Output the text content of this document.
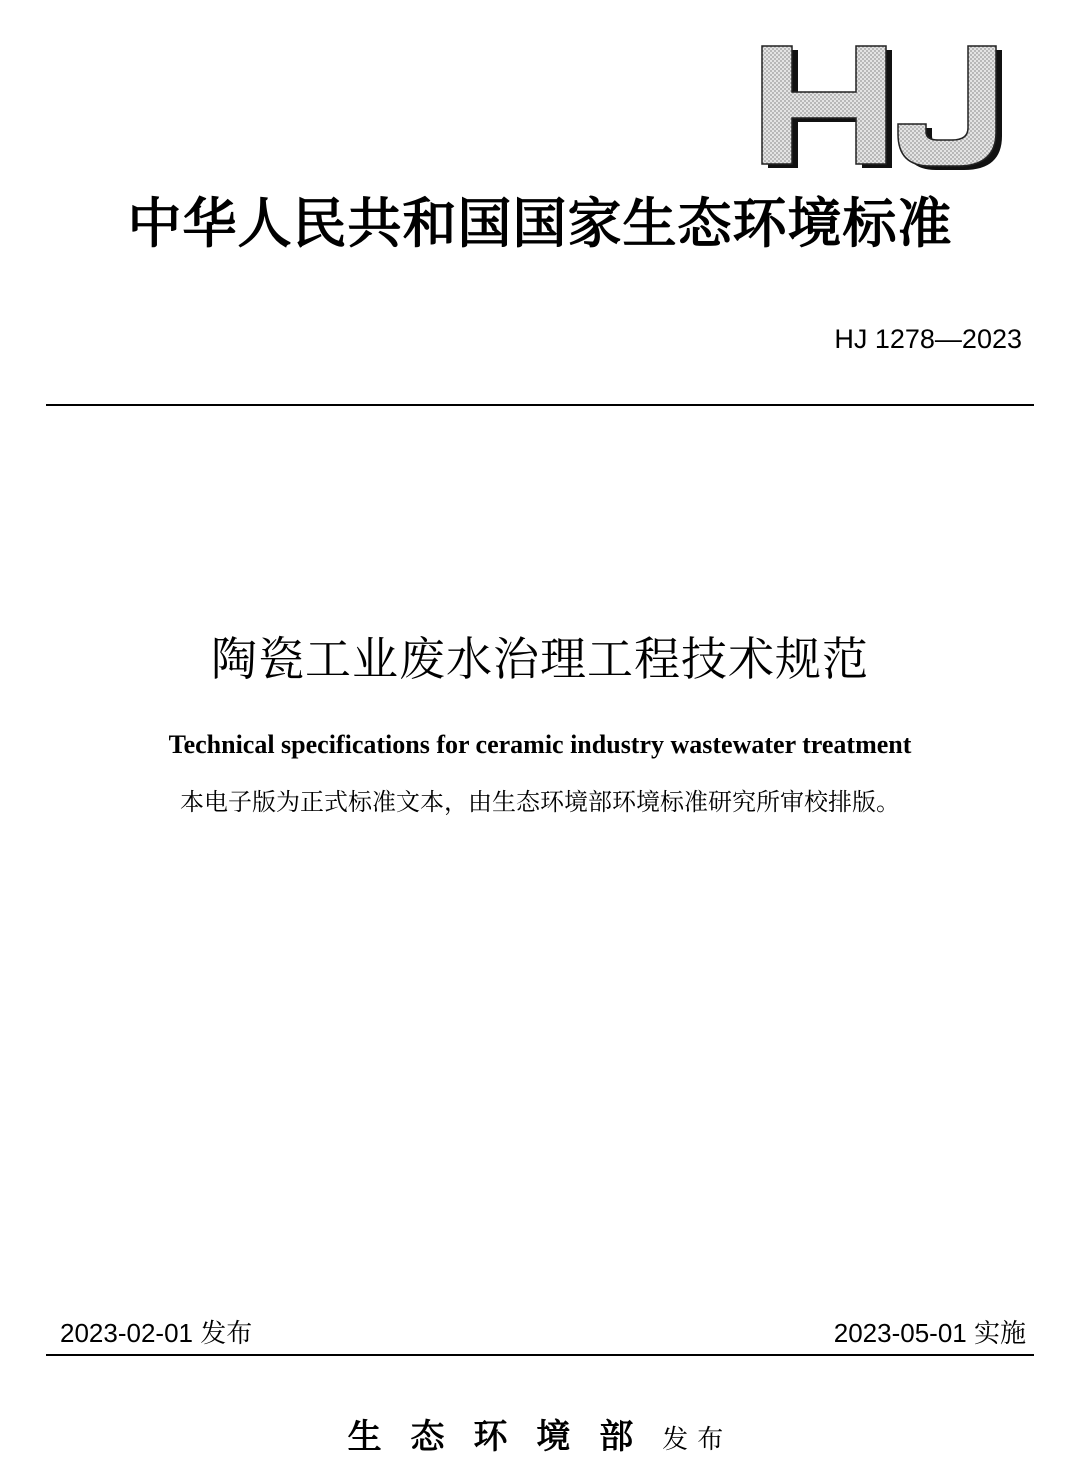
中华人民共和国国家生态环境标准
HJ 1278—2023
陶瓷工业废水治理工程技术规范
Technical specifications for ceramic industry wastewater treatment
本电子版为正式标准文本，由生态环境部环境标准研究所审校排版。
2023-02-01 发布	2023-05-01 实施
生态环境部发布
